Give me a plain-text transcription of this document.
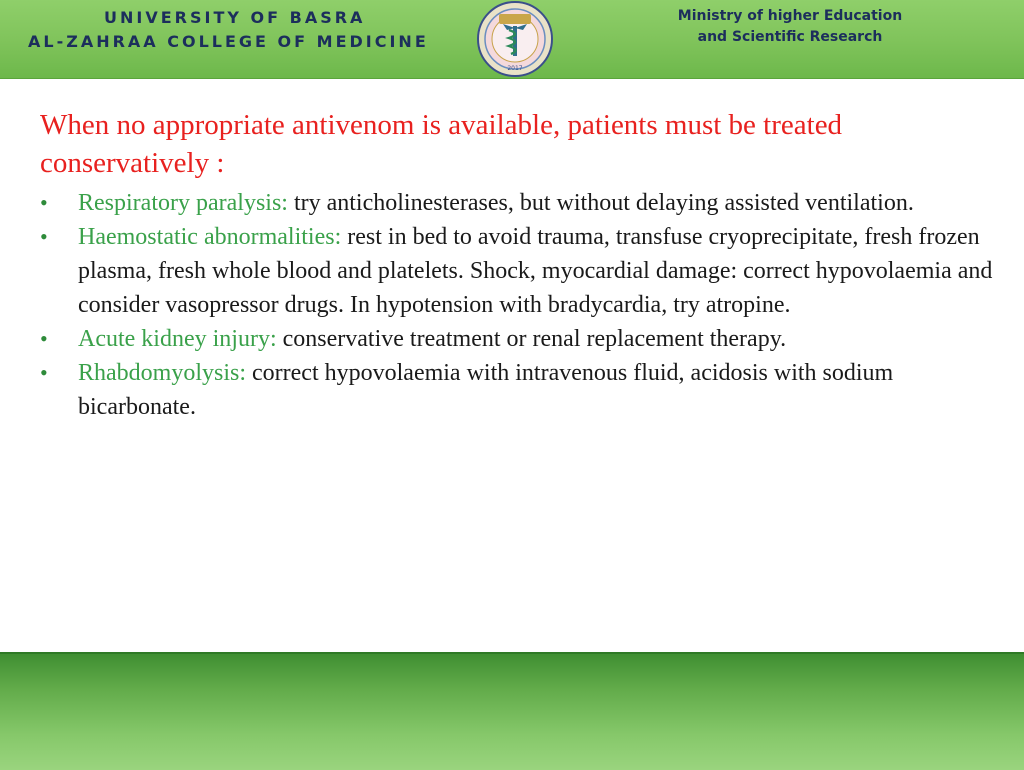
UNIVERSITY OF BASRA
AL-ZAHRAA COLLEGE OF MEDICINE
2017
Ministry of higher Education
and Scientific Research

When no appropriate antivenom is available, patients must be treated conservatively :

• Respiratory paralysis: try anticholinesterases, but without delaying assisted ventilation.
• Haemostatic abnormalities: rest in bed to avoid trauma, transfuse cryoprecipitate, fresh frozen plasma, fresh whole blood and platelets. Shock, myocardial damage: correct hypovolaemia and consider vasopressor drugs. In hypotension with bradycardia, try atropine.
• Acute kidney injury: conservative treatment or renal replacement therapy.
• Rhabdomyolysis: correct hypovolaemia with intravenous fluid, acidosis with sodium bicarbonate.
